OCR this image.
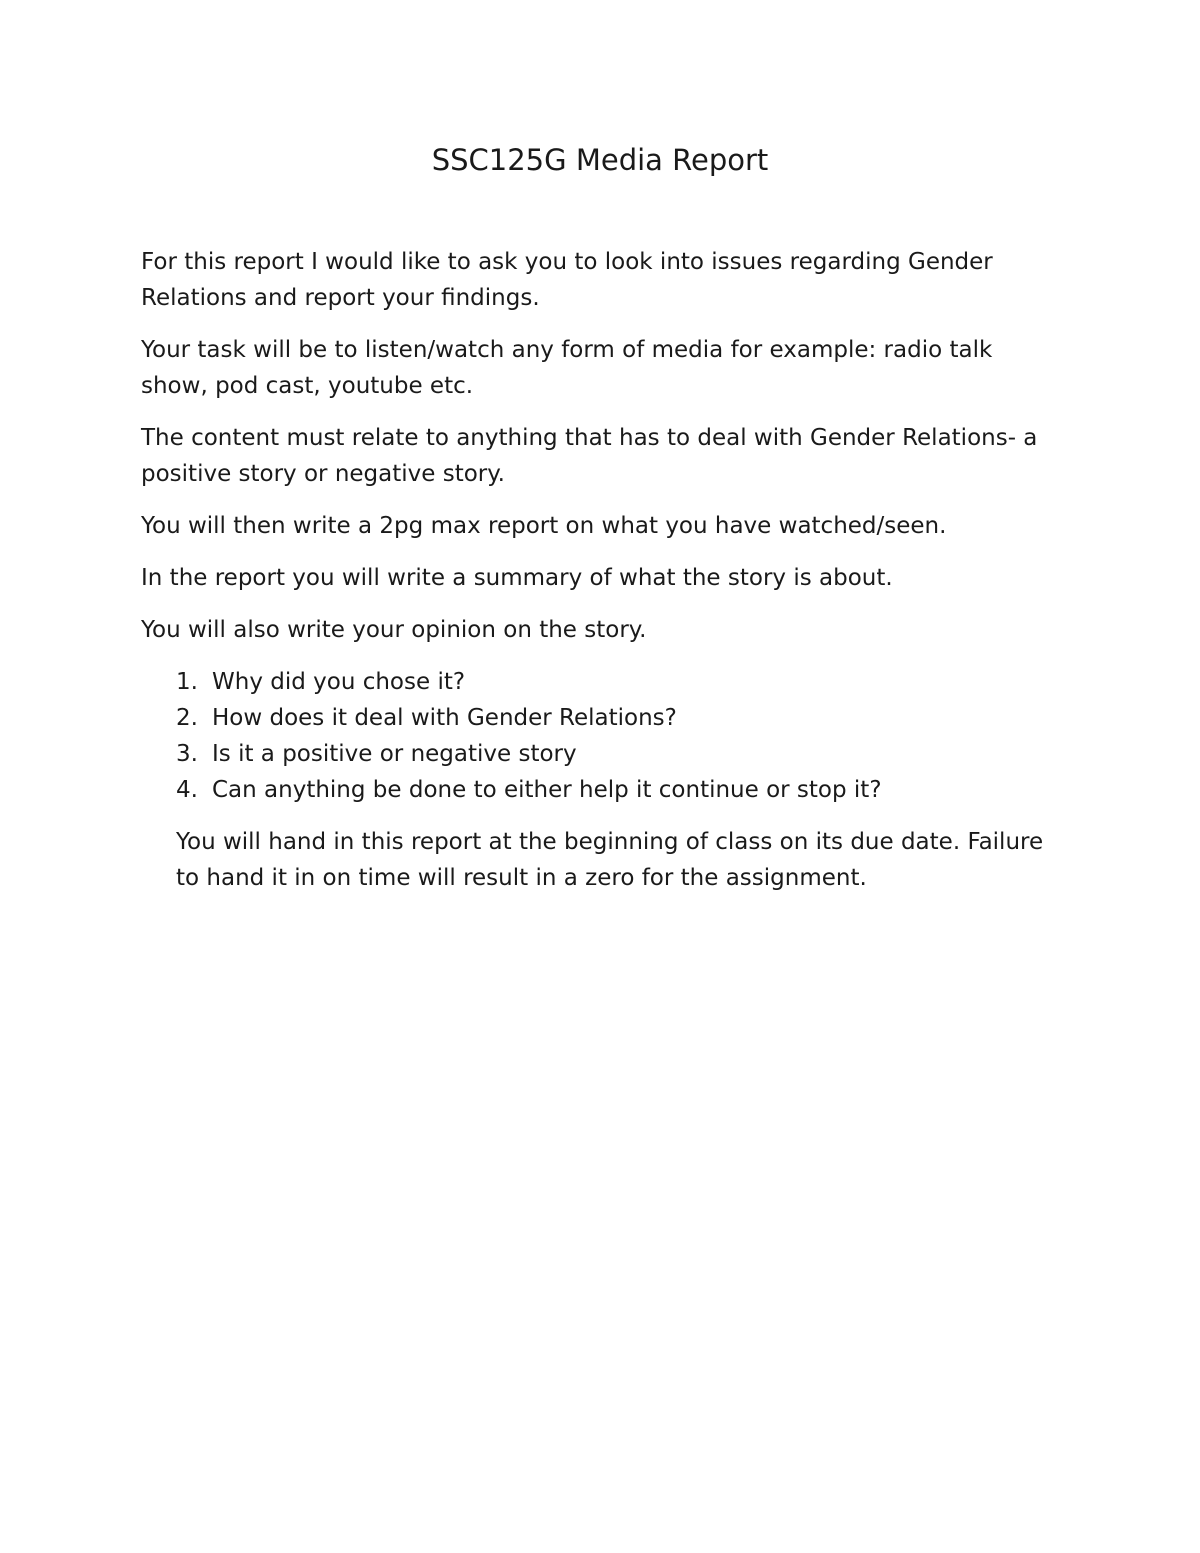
SSC125G Media Report

For this report I would like to ask you to look into issues regarding Gender Relations and report your findings.

Your task will be to listen/watch any form of media for example: radio talk show, pod cast, youtube etc.

The content must relate to anything that has to deal with Gender Relations- a positive story or negative story.

You will then write a 2pg max report on what you have watched/seen.

In the report you will write a summary of what the story is about.

You will also write your opinion on the story.

1. Why did you chose it?
2. How does it deal with Gender Relations?
3. Is it a positive or negative story
4. Can anything be done to either help it continue or stop it?

You will hand in this report at the beginning of class on its due date. Failure to hand it in on time will result in a zero for the assignment.
